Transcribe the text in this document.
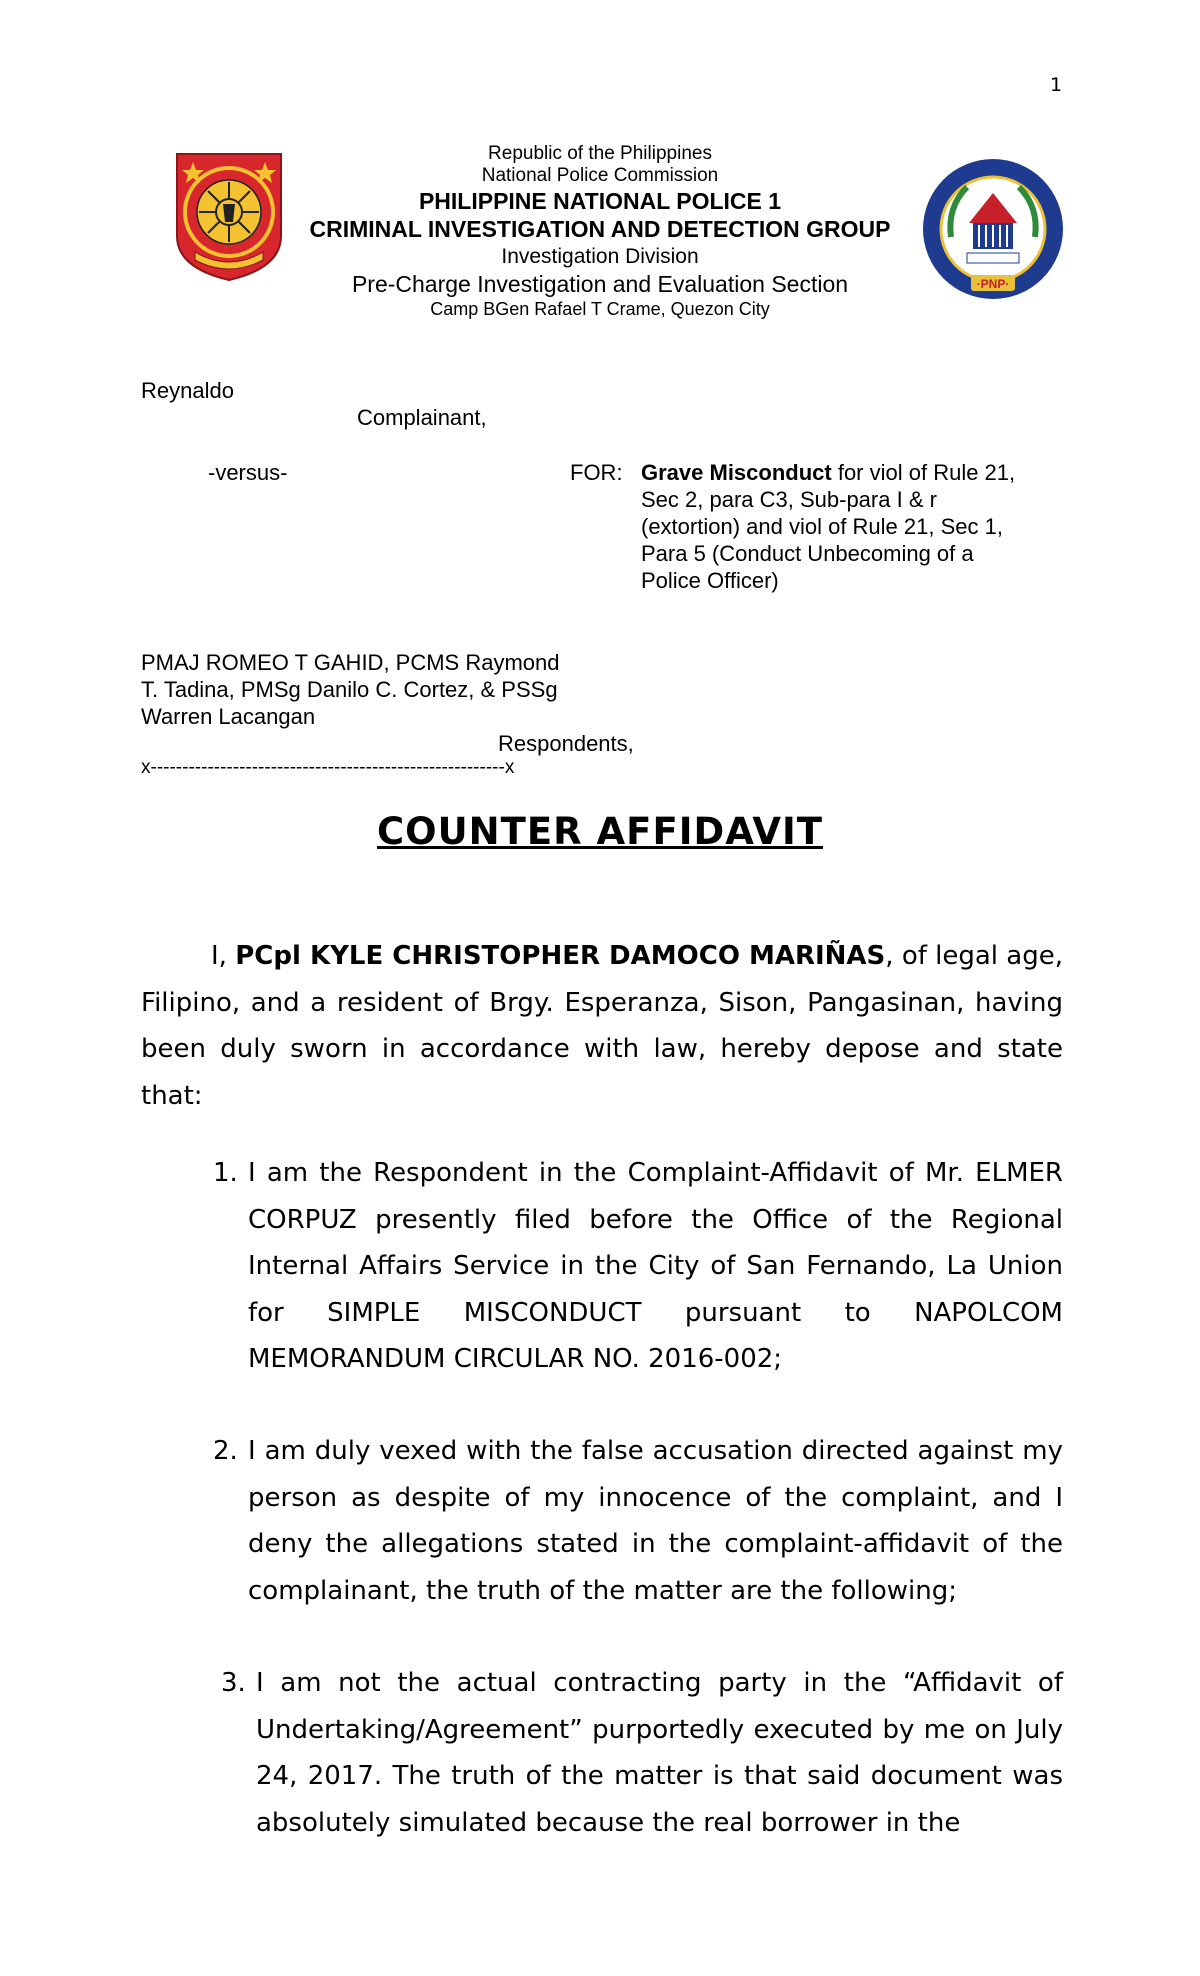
1
·PNP·
Republic of the Philippines
National Police Commission
PHILIPPINE NATIONAL POLICE 1
CRIMINAL INVESTIGATION AND DETECTION GROUP
Investigation Division
Pre-Charge Investigation and Evaluation Section
Camp BGen Rafael T Crame, Quezon City
Reynaldo
Complainant,
-versus-	FOR: Grave Misconduct for viol of Rule 21,
Sec 2, para C3, Sub-para I & r
(extortion) and viol of Rule 21, Sec 1,
Para 5 (Conduct Unbecoming of a
Police Officer)
PMAJ ROMEO T GAHID, PCMS Raymond
T. Tadina, PMSg Danilo C. Cortez, & PSSg
Warren Lacangan
Respondents,
x--------------------------------------------------------x
COUNTER AFFIDAVIT
I, PCpl KYLE CHRISTOPHER DAMOCO MARIÑAS, of legal age, Filipino, and a resident of Brgy. Esperanza, Sison, Pangasinan, having been duly sworn in accordance with law, hereby depose and state that:
1. I am the Respondent in the Complaint-Affidavit of Mr. ELMER CORPUZ presently filed before the Office of the Regional Internal Affairs Service in the City of San Fernando, La Union for SIMPLE MISCONDUCT pursuant to NAPOLCOM MEMORANDUM CIRCULAR NO. 2016-002;
2. I am duly vexed with the false accusation directed against my person as despite of my innocence of the complaint, and I deny the allegations stated in the complaint-affidavit of the complainant, the truth of the matter are the following;
3. I am not the actual contracting party in the “Affidavit of Undertaking/Agreement” purportedly executed by me on July 24, 2017. The truth of the matter is that said document was absolutely simulated because the real borrower in the
